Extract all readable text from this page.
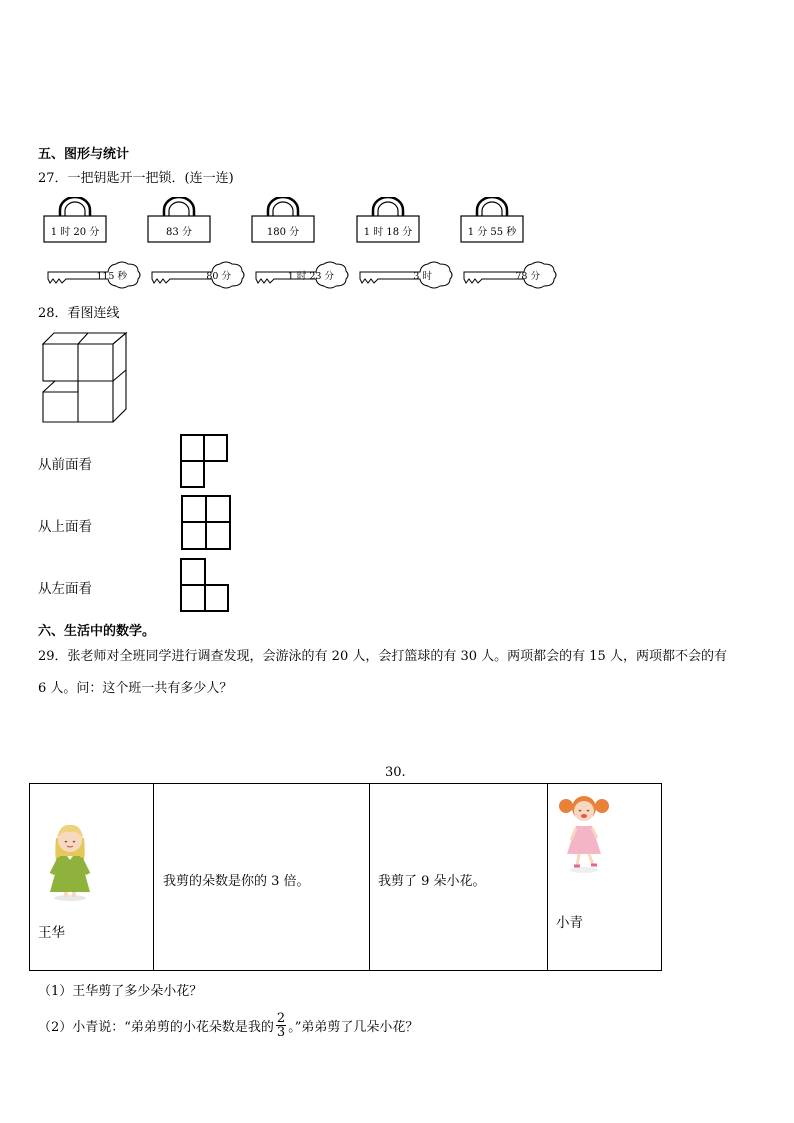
五、图形与统计
27．一把钥匙开一把锁．(连一连)
1 时 20 分	83 分	180 分	1 时 18 分	1 分 55 秒
115 秒	80 分	1 时 23 分	3 时	78 分
28．看图连线
从前面看
从上面看
从左面看
六、生活中的数学。
29．张老师对全班同学进行调查发现，会游泳的有 20 人，会打篮球的有 30 人。两项都会的有 15 人，两项都不会的有
6 人。问：这个班一共有多少人？
30.
王华

我剪的朵数是你的 3 倍。	我剪了 9 朵小花。

小青
（1）王华剪了多少朵小花？
（2）小青说：“弟弟剪的小花朵数是我的 $\frac{2}{3}$ 。”弟弟剪了几朵小花？
